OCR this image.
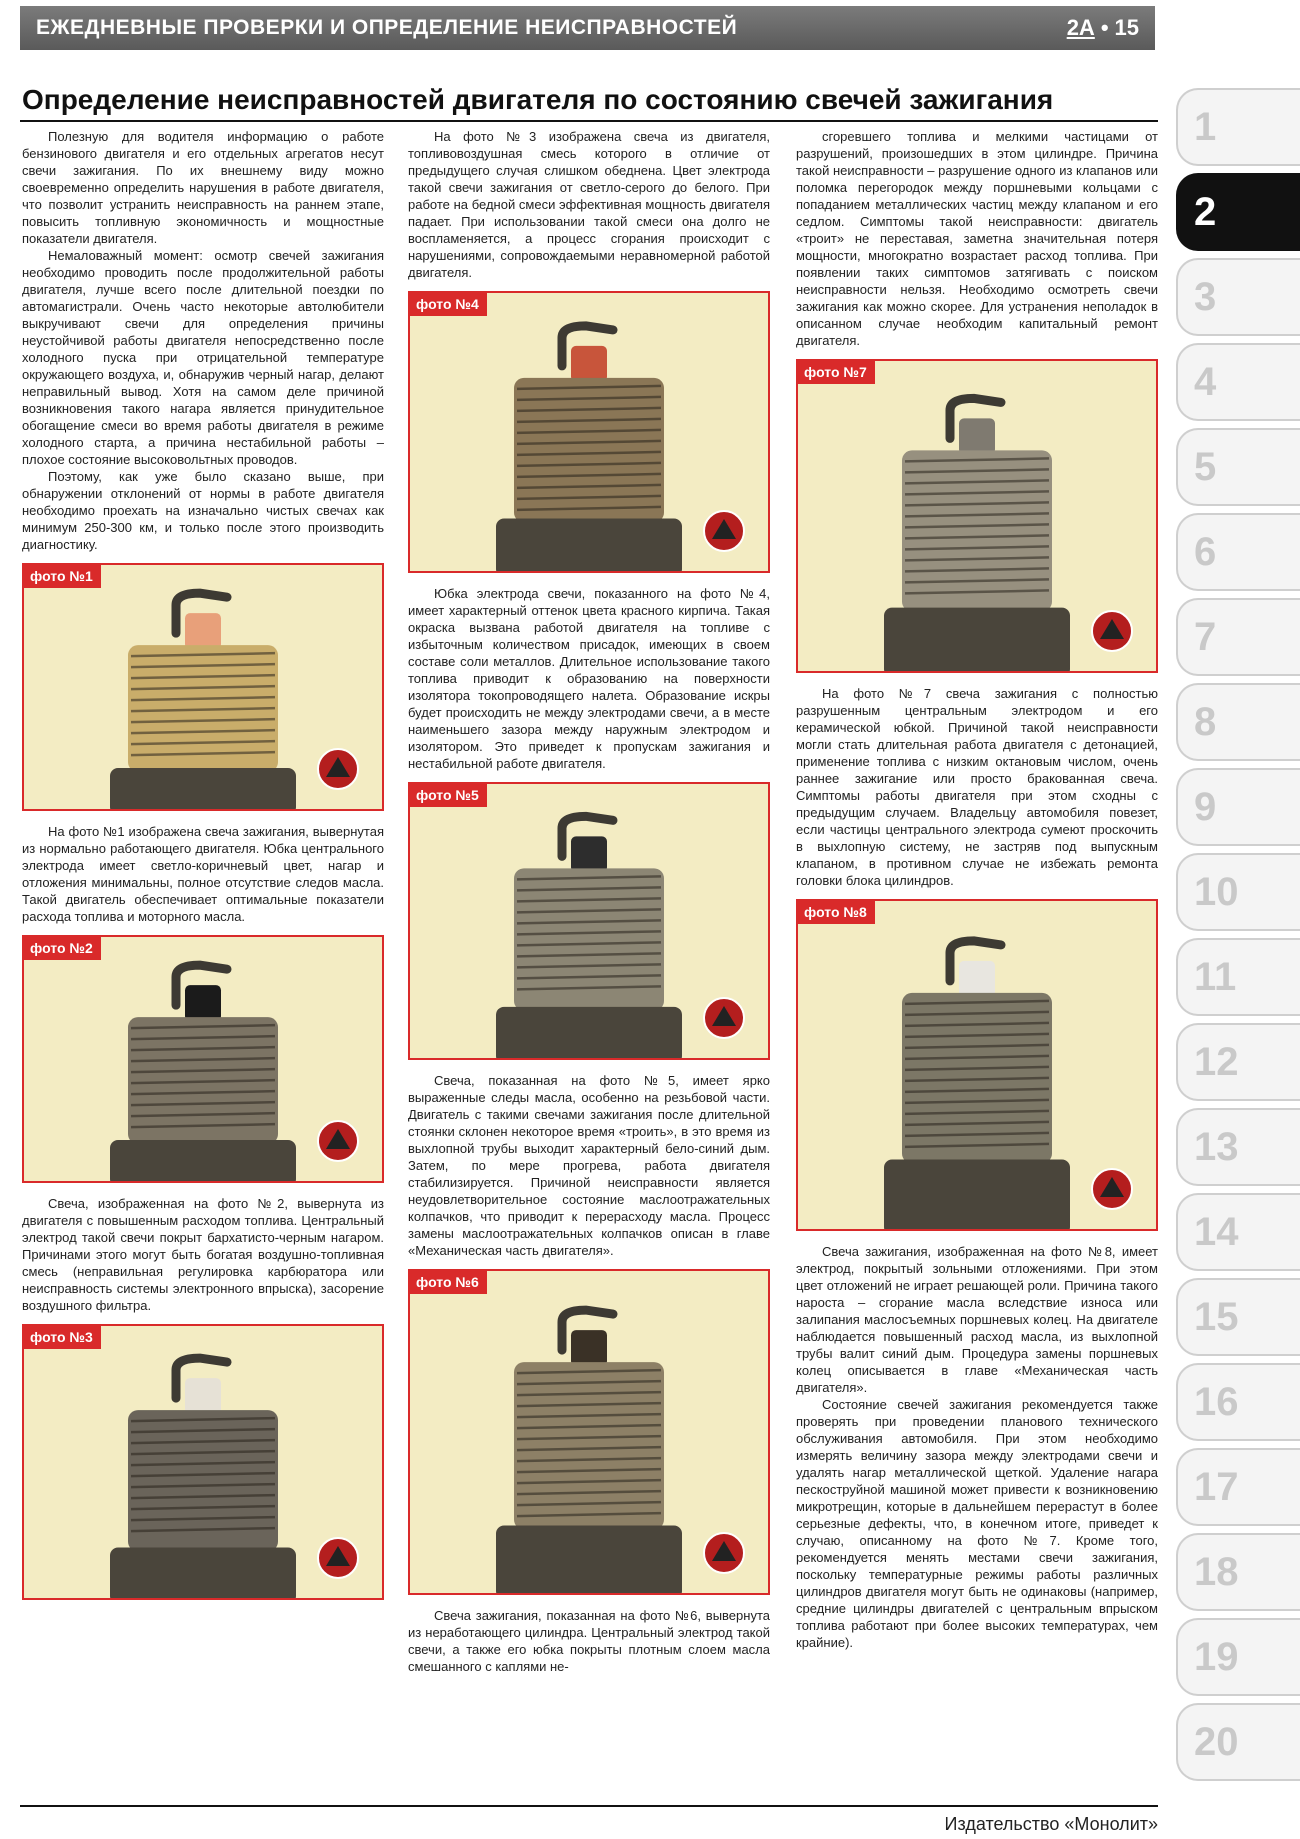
ЕЖЕДНЕВНЫЕ ПРОВЕРКИ И ОПРЕДЕЛЕНИЕ НЕИСПРАВНОСТЕЙ	2А • 15
Определение неисправностей двигателя по состоянию свечей зажигания

Полезную для водителя информацию о работе бензинового двигателя и его отдельных агрегатов несут свечи зажигания. По их внешнему виду можно своевременно определить нарушения в работе двигателя, что позволит устранить неисправность на раннем этапе, повысить топливную экономичность и мощностные показатели двигателя.

Немаловажный момент: осмотр свечей зажигания необходимо проводить после продолжительной работы двигателя, лучше всего после длительной поездки по автомагистрали. Очень часто некоторые автолюбители выкручивают свечи для определения причины неустойчивой работы двигателя непосредственно после холодного пуска при отрицательной температуре окружающего воздуха, и, обнаружив черный нагар, делают неправильный вывод. Хотя на самом деле причиной возникновения такого нагара является принудительное обогащение смеси во время работы двигателя в режиме холодного старта, а причина нестабильной работы – плохое состояние высоковольтных проводов.

Поэтому, как уже было сказано выше, при обнаружении отклонений от нормы в работе двигателя необходимо проехать на изначально чистых свечах как минимум 250-300 км, и только после этого производить диагностику.

фото №1

На фото №1 изображена свеча зажигания, вывернутая из нормально работающего двигателя. Юбка центрального электрода имеет светло-коричневый цвет, нагар и отложения минимальны, полное отсутствие следов масла. Такой двигатель обеспечивает оптимальные показатели расхода топлива и моторного масла.

фото №2

Свеча, изображенная на фото №2, вывернута из двигателя с повышенным расходом топлива. Центральный электрод такой свечи покрыт бархатисто-черным нагаром. Причинами этого могут быть богатая воздушно-топливная смесь (неправильная регулировка карбюратора или неисправность системы электронного впрыска), засорение воздушного фильтра.

фото №3

На фото №3 изображена свеча из двигателя, топливовоздушная смесь которого в отличие от предыдущего случая слишком обеднена. Цвет электрода такой свечи зажигания от светло-серого до белого. При работе на бедной смеси эффективная мощность двигателя падает. При использовании такой смеси она долго не воспламеняется, а процесс сгорания происходит с нарушениями, сопровождаемыми неравномерной работой двигателя.

фото №4

Юбка электрода свечи, показанного на фото №4, имеет характерный оттенок цвета красного кирпича. Такая окраска вызвана работой двигателя на топливе с избыточным количеством присадок, имеющих в своем составе соли металлов. Длительное использование такого топлива приводит к образованию на поверхности изолятора токопроводящего налета. Образование искры будет происходить не между электродами свечи, а в месте наименьшего зазора между наружным электродом и изолятором. Это приведет к пропускам зажигания и нестабильной работе двигателя.

фото №5

Свеча, показанная на фото №5, имеет ярко выраженные следы масла, особенно на резьбовой части. Двигатель с такими свечами зажигания после длительной стоянки склонен некоторое время «троить», в это время из выхлопной трубы выходит характерный бело-синий дым. Затем, по мере прогрева, работа двигателя стабилизируется. Причиной неисправности является неудовлетворительное состояние маслоотражательных колпачков, что приводит к перерасходу масла. Процесс замены маслоотражательных колпачков описан в главе «Механическая часть двигателя».

фото №6

Свеча зажигания, показанная на фото №6, вывернута из неработающего цилиндра. Центральный электрод такой свечи, а также его юбка покрыты плотным слоем масла смешанного с каплями не-

сгоревшего топлива и мелкими частицами от разрушений, произошедших в этом цилиндре. Причина такой неисправности – разрушение одного из клапанов или поломка перегородок между поршневыми кольцами с попаданием металлических частиц между клапаном и его седлом. Симптомы такой неисправности: двигатель «троит» не переставая, заметна значительная потеря мощности, многократно возрастает расход топлива. При появлении таких симптомов затягивать с поиском неисправности нельзя. Необходимо осмотреть свечи зажигания как можно скорее. Для устранения неполадок в описанном случае необходим капитальный ремонт двигателя.

фото №7

На фото №7 свеча зажигания с полностью разрушенным центральным электродом и его керамической юбкой. Причиной такой неисправности могли стать длительная работа двигателя с детонацией, применение топлива с низким октановым числом, очень раннее зажигание или просто бракованная свеча. Симптомы работы двигателя при этом сходны с предыдущим случаем. Владельцу автомобиля повезет, если частицы центрального электрода сумеют проскочить в выхлопную систему, не застряв под выпускным клапаном, в противном случае не избежать ремонта головки блока цилиндров.

фото №8

Свеча зажигания, изображенная на фото №8, имеет электрод, покрытый зольными отложениями. При этом цвет отложений не играет решающей роли. Причина такого нароста – сгорание масла вследствие износа или залипания маслосъемных поршневых колец. На двигателе наблюдается повышенный расход масла, из выхлопной трубы валит синий дым. Процедура замены поршневых колец описывается в главе «Механическая часть двигателя».

Состояние свечей зажигания рекомендуется также проверять при проведении планового технического обслуживания автомобиля. При этом необходимо измерять величину зазора между электродами свечи и удалять нагар металлической щеткой. Удаление нагара пескоструйной машиной может привести к возникновению микротрещин, которые в дальнейшем перерастут в более серьезные дефекты, что, в конечном итоге, приведет к случаю, описанному на фото №7. Кроме того, рекомендуется менять местами свечи зажигания, поскольку температурные режимы работы различных цилиндров двигателя могут быть не одинаковы (например, средние цилиндры двигателей с центральным впрыском топлива работают при более высоких температурах, чем крайние).

1
2
3
4
5
6
7
8
9
10
11
12
13
14
15
16
17
18
19
20
Издательство «Монолит»
